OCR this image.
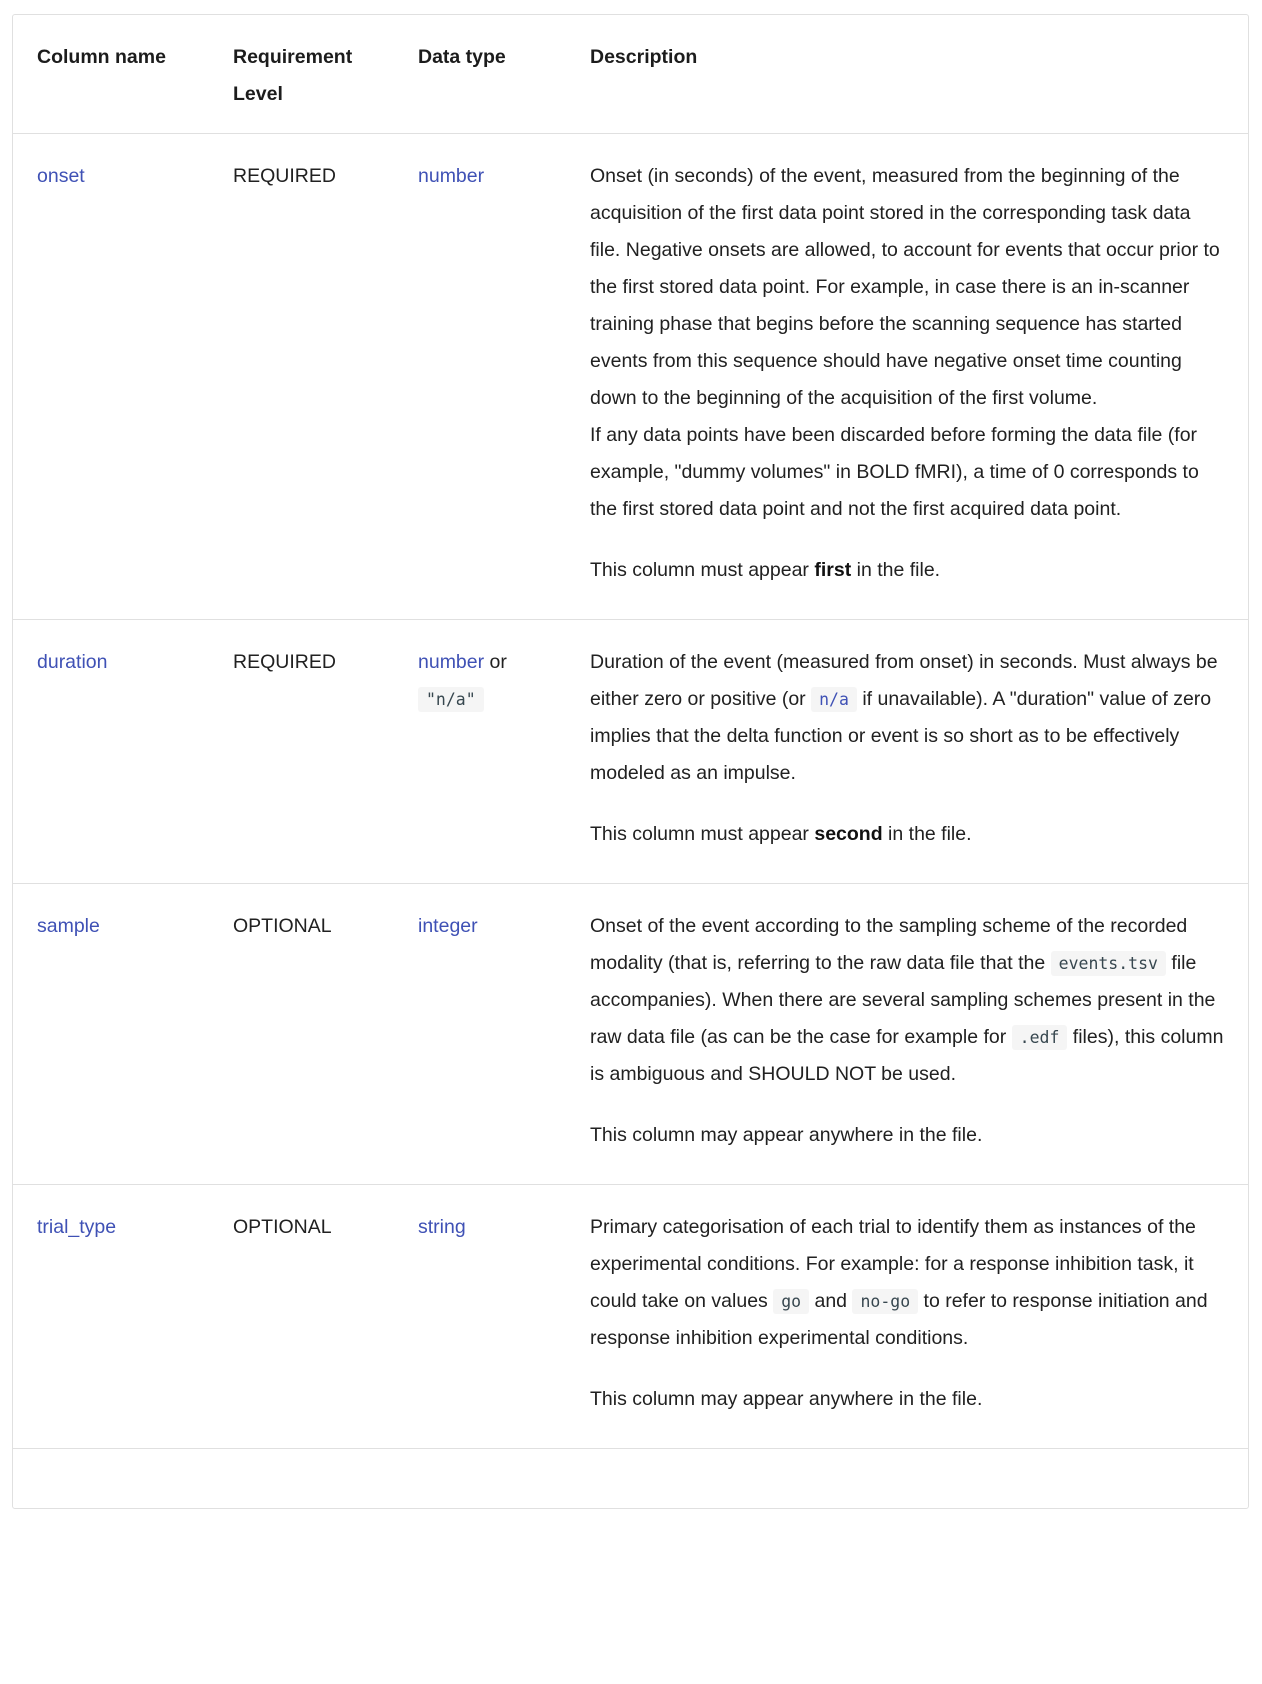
Column name	Requirement Level	Data type	Description
onset	REQUIRED	number	Onset (in seconds) of the event, measured from the beginning of the acquisition of the first data point stored in the corresponding task data file. Negative onsets are allowed, to account for events that occur prior to the first stored data point. For example, in case there is an in-scanner training phase that begins before the scanning sequence has started events from this sequence should have negative onset time counting down to the beginning of the acquisition of the first volume.
If any data points have been discarded before forming the data file (for example, "dummy volumes" in BOLD fMRI), a time of 0 corresponds to the first stored data point and not the first acquired data point.

This column must appear first in the file.

duration	REQUIRED	number or "n/a"	Duration of the event (measured from onset) in seconds. Must always be either zero or positive (or n/a if unavailable). A "duration" value of zero implies that the delta function or event is so short as to be effectively modeled as an impulse.

This column must appear second in the file.

sample	OPTIONAL	integer	Onset of the event according to the sampling scheme of the recorded modality (that is, referring to the raw data file that the events.tsv file accompanies). When there are several sampling schemes present in the raw data file (as can be the case for example for .edf files), this column is ambiguous and SHOULD NOT be used.

This column may appear anywhere in the file.

trial_type	OPTIONAL	string	Primary categorisation of each trial to identify them as instances of the experimental conditions. For example: for a response inhibition task, it could take on values go and no-go to refer to response initiation and response inhibition experimental conditions.

This column may appear anywhere in the file.
